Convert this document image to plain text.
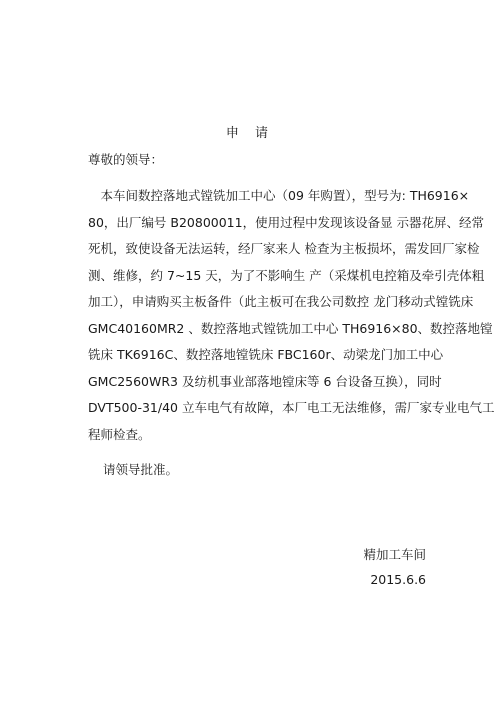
申 请
尊敬的领导：
　本车间数控落地式镗铣加工中心（09 年购置），型号为: TH6916×
80，出厂编号 B20800011，使用过程中发现该设备显 示器花屏、经常
死机，致使设备无法运转，经厂家来人 检查为主板损坏，需发回厂家检
测、维修，约 7~15 天，为了不影响生 产（采煤机电控箱及牵引壳体粗
加工），申请购买主板备件（此主板可在我公司数控 龙门移动式镗铣床
GMC40160MR2 、数控落地式镗铣加工中心 TH6916×80、数控落地镗
铣床 TK6916C、数控落地镗铣床 FBC160r、动梁龙门加工中心
GMC2560WR3 及纺机事业部落地镗床等 6 台设备互换），同时
DVT500-31/40 立车电气有故障，本厂电工无法维修，需厂家专业电气工
程师检查。
请领导批准。
精加工车间
2015.6.6
